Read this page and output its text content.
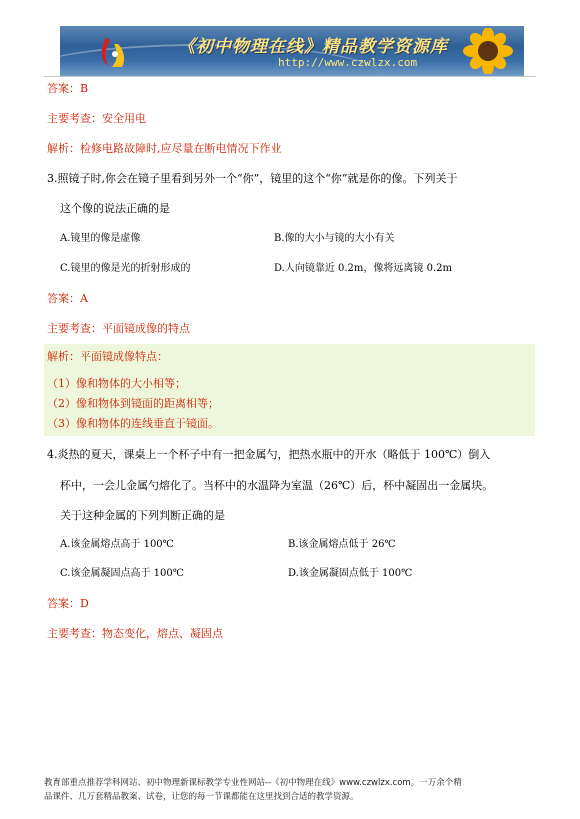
《初中物理在线》精品教学资源库
http://www.czwlzx.com
答案：B
主要考查：安全用电
解析：检修电路故障时,应尽量在断电情况下作业
3.照镜子时,你会在镜子里看到另外一个“你”，镜里的这个“你”就是你的像。下列关于
这个像的说法正确的是
A.镜里的像是虚像	B.像的大小与镜的大小有关
C.镜里的像是光的折射形成的	D.人向镜靠近 0.2m，像将远离镜 0.2m
答案：A
主要考查：平面镜成像的特点
解析：平面镜成像特点：
（1）像和物体的大小相等；
（2）像和物体到镜面的距离相等；
（3）像和物体的连线垂直于镜面。
4.炎热的夏天，课桌上一个杯子中有一把金属勺，把热水瓶中的开水（略低于 100℃）倒入
杯中，一会儿金属勺熔化了。当杯中的水温降为室温（26℃）后，杯中凝固出一金属块。
关于这种金属的下列判断正确的是
A.该金属熔点高于 100℃	B.该金属熔点低于 26℃
C.该金属凝固点高于 100℃	D.该金属凝固点低于 100℃
答案：D
主要考查：物态变化，熔点、凝固点
教育部重点推荐学科网站、初中物理新课标教学专业性网站--《初中物理在线》www.czwlzx.com。一万余个精
品课件、几万套精品教案、试卷，让您的每一节课都能在这里找到合适的教学资源。
